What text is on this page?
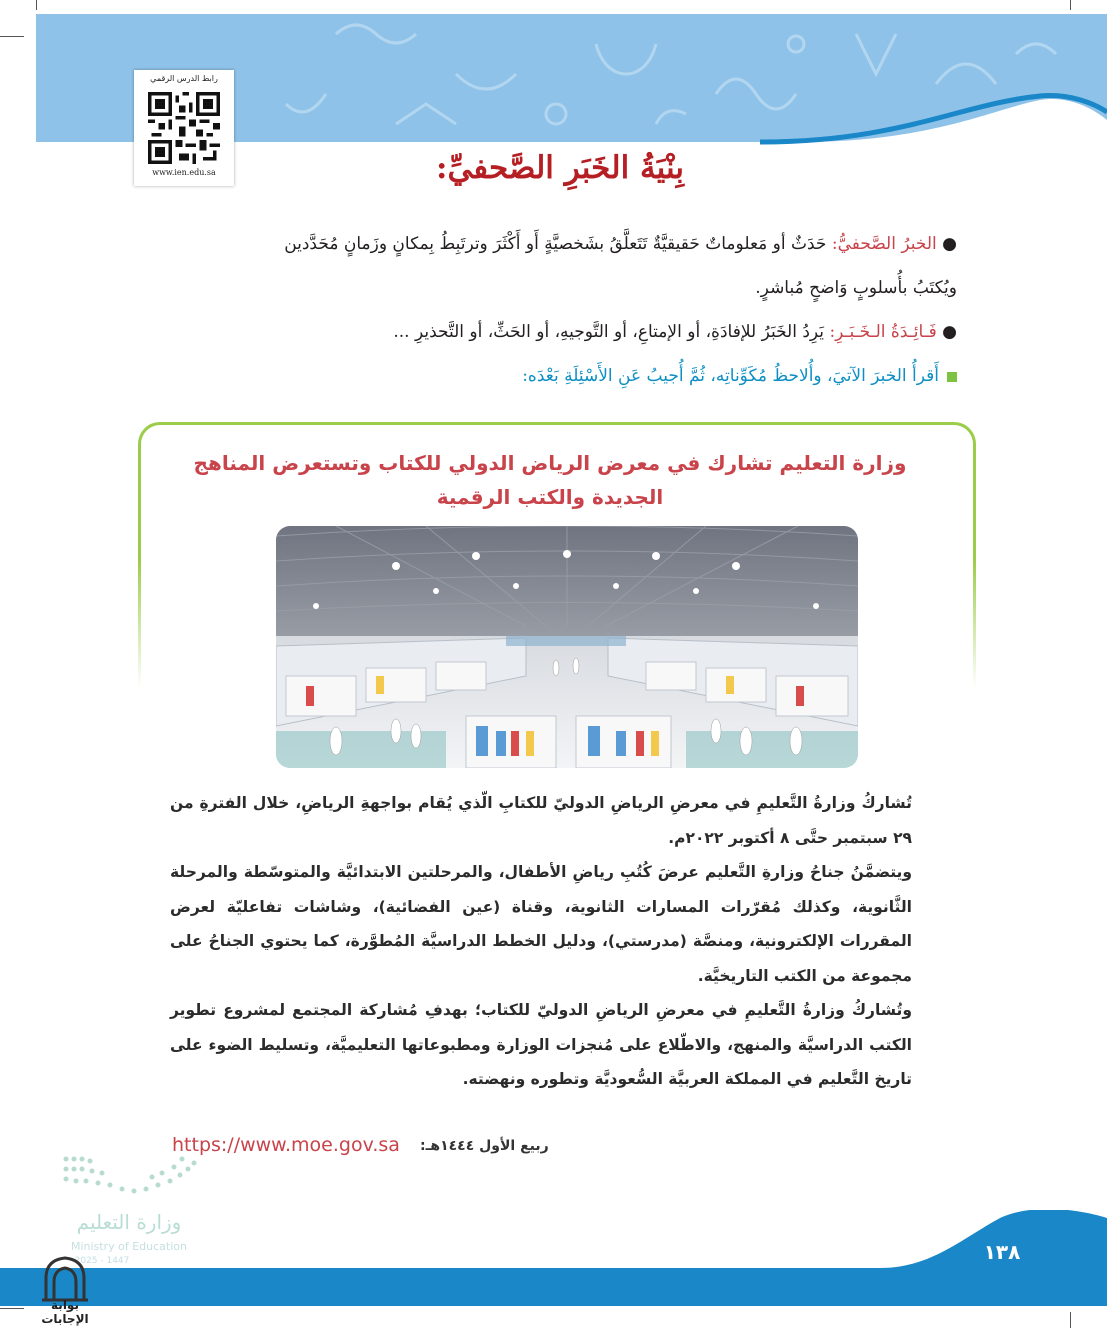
رابط الدرس الرقمي
www.ien.edu.sa	بِنْيَةُ الخَبَرِ الصَّحفيِّ:
● الخبرُ الصَّحفيُّ: حَدَثٌ أو مَعلوماتٌ حَقيقيَّةٌ تَتَعلَّقُ بشَخصيَّةٍ أَو أَكْثَرَ وترتَبِطُ بِمكانٍ وزَمانٍ مُحَدَّدين
ويُكتَبُ بأُسلوبٍ وَاضحٍ مُباشرٍ.
● فَـائِـدَةُ الـخَـبَـرِ: يَرِدُ الخَبَرُ للإفادَةِ، أو الإمتاعِ، أو التَّوجيهِ، أو الحَثِّ، أو التَّحذيرِ ...
أَقرأُ الخبرَ الآتيَ، وأُلاحظُ مُكَوِّناتِه، ثُمَّ أُجيبُ عَنِ الأَسْئِلَةِ بَعْدَه:
وزارة التعليم تشارك في معرض الرياض الدولي للكتاب وتستعرض المناهج الجديدة والكتب الرقمية

تُشاركُ وزارةُ التَّعليمِ في معرضِ الرياضِ الدوليّ للكتابِ الّذي يُقام بواجهةِ الرياضِ، خلال الفترةِ من ٢٩ سبتمبر حتَّى ٨ أكتوبر ٢٠٢٢م.

ويتضمَّنُ جناحُ وزارةِ التَّعليم عرضَ كُتُبِ رياضِ الأطفال، والمرحلتين الابتدائيَّة والمتوسّطة والمرحلة الثَّانوية، وكذلك مُقرّرات المسارات الثانوية، وقناة (عين الفضائية)، وشاشات تفاعليّة لعرض المقررات الإلكترونية، ومنصَّة (مدرستي)، ودليل الخطط الدراسيَّة المُطوَّرة، كما يحتوي الجناحُ على مجموعة من الكتب التاريخيَّة.

وتُشاركُ وزارةُ التَّعليمِ في معرضِ الرياضِ الدوليّ للكتاب؛ بهدفِ مُشاركة المجتمع لمشروع تطوير الكتب الدراسيَّة والمنهج، والاطّلاع على مُنجزات الوزارة ومطبوعاتها التعليميَّة، وتسليط الضوء على تاريخ التَّعليم في المملكة العربيَّة السُّعوديَّة وتطوره ونهضته.

https://www.moe.gov.sa ربيع الأول ١٤٤٤هـ:
١٣٨
وزارة التعليم
Ministry of Education
2025 - 1447
بوابة الإجابات
